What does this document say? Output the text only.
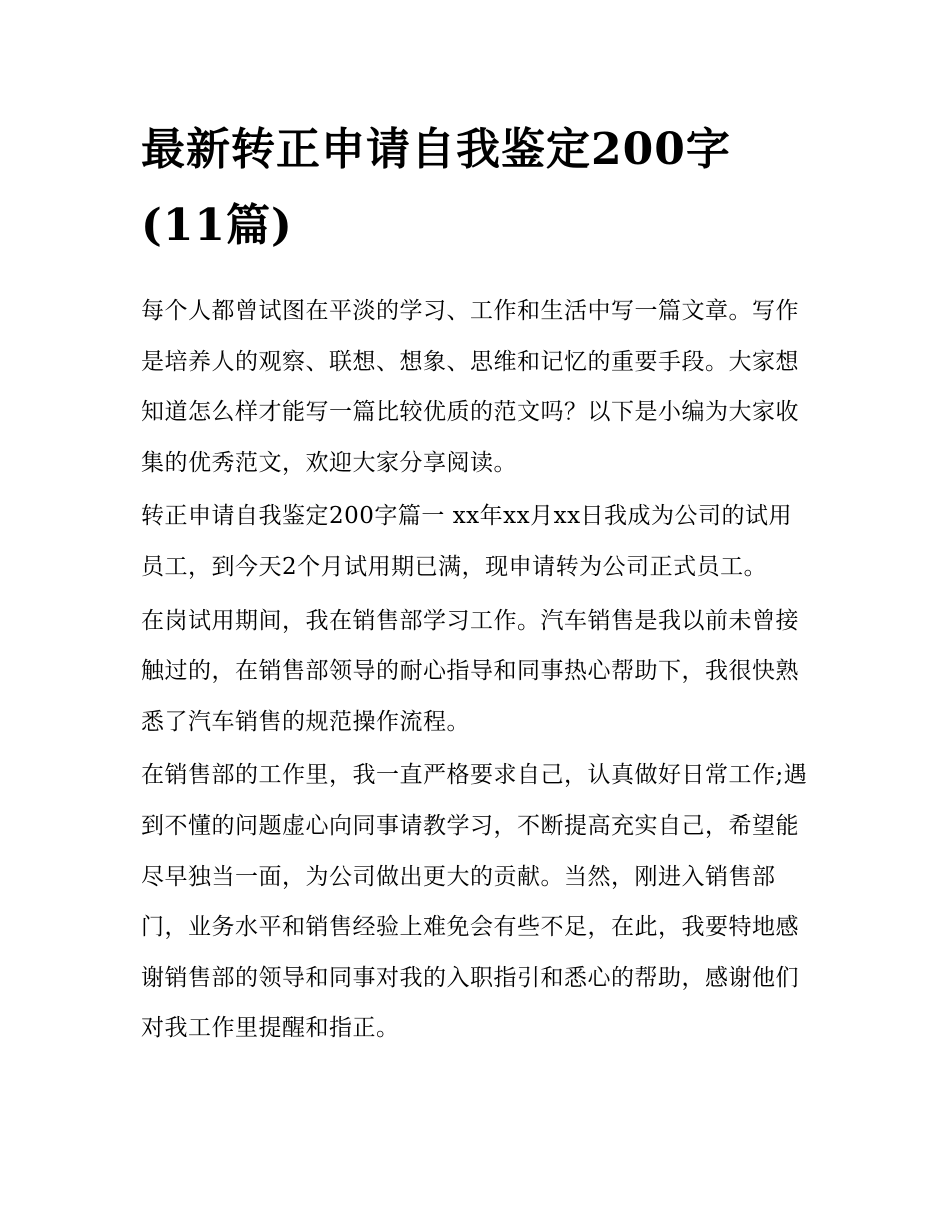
最新转正申请自我鉴定200字
(11篇)

每个人都曾试图在平淡的学习、工作和生活中写一篇文章。写作是培养人的观察、联想、想象、思维和记忆的重要手段。大家想知道怎么样才能写一篇比较优质的范文吗？以下是小编为大家收集的优秀范文，欢迎大家分享阅读。

转正申请自我鉴定200字篇一 xx年xx月xx日我成为公司的试用员工，到今天2个月试用期已满，现申请转为公司正式员工。

在岗试用期间，我在销售部学习工作。汽车销售是我以前未曾接触过的，在销售部领导的耐心指导和同事热心帮助下，我很快熟悉了汽车销售的规范操作流程。

在销售部的工作里，我一直严格要求自己，认真做好日常工作;遇到不懂的问题虚心向同事请教学习，不断提高充实自己，希望能尽早独当一面，为公司做出更大的贡献。当然，刚进入销售部门，业务水平和销售经验上难免会有些不足，在此，我要特地感谢销售部的领导和同事对我的入职指引和悉心的帮助，感谢他们对我工作里提醒和指正。
